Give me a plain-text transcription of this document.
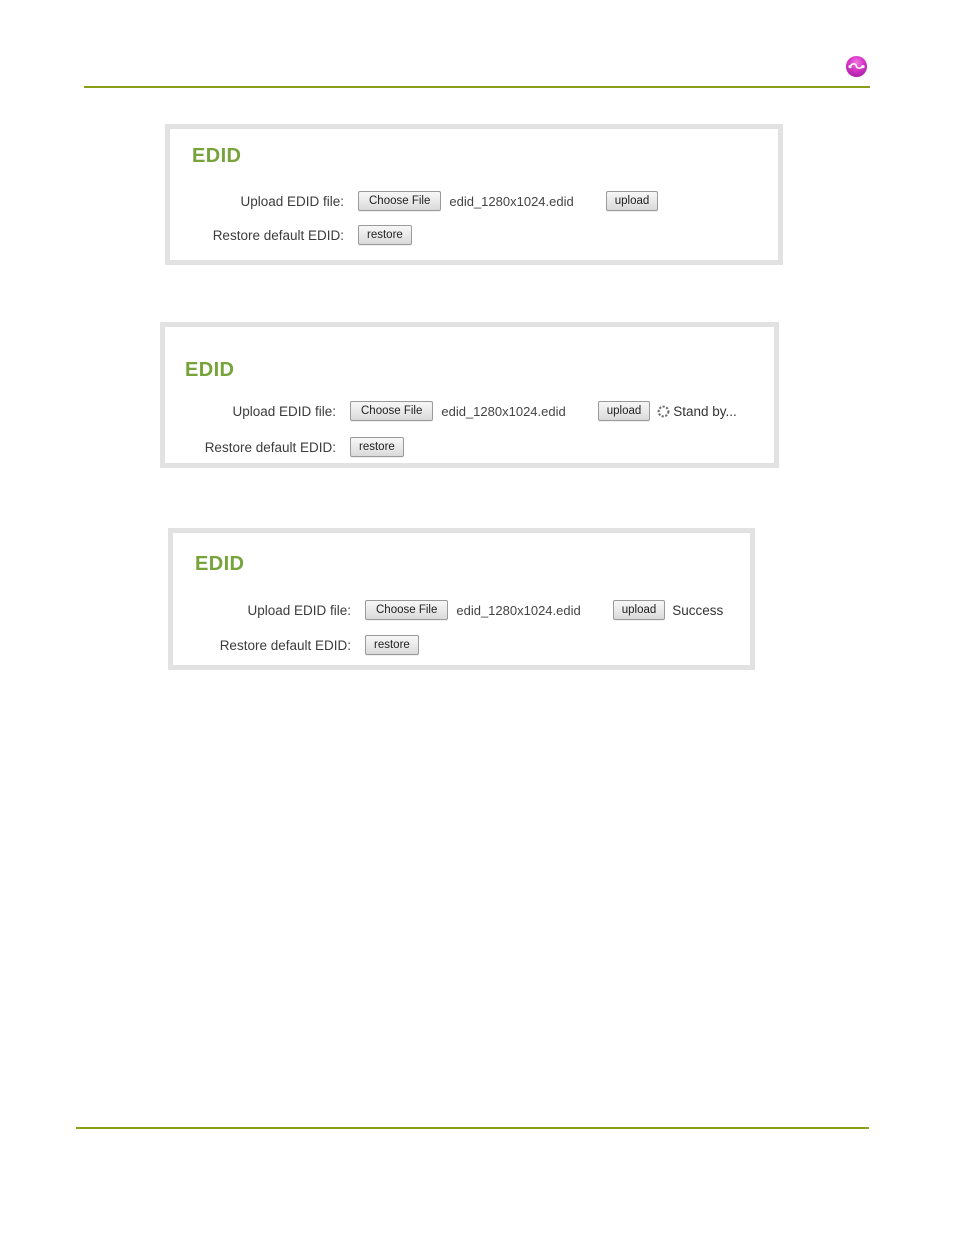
EDID
Upload EDID file:	Choose File	edid_1280x1024.edid	upload
Restore default EDID:	restore
EDID
Upload EDID file:	Choose File	edid_1280x1024.edid	upload	Stand by...
Restore default EDID:	restore
EDID
Upload EDID file:	Choose File	edid_1280x1024.edid	upload	Success
Restore default EDID:	restore
